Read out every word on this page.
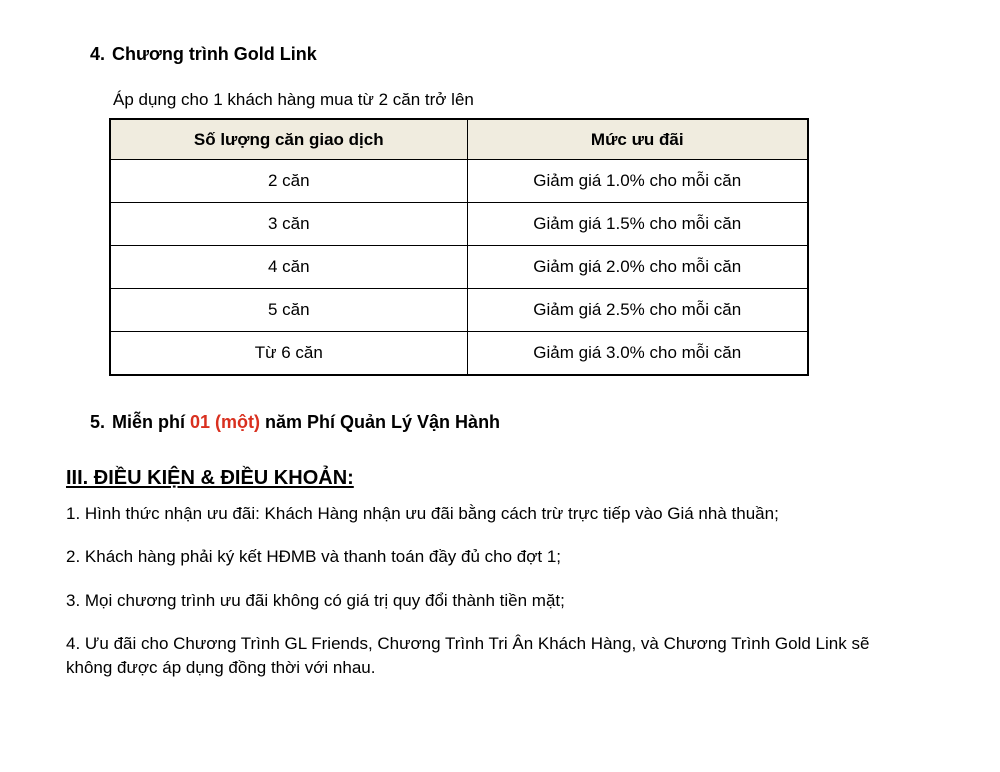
4. Chương trình Gold Link
Áp dụng cho 1 khách hàng mua từ 2 căn trở lên
Số lượng căn giao dịch	Mức ưu đãi
2 căn	Giảm giá 1.0% cho mỗi căn
3 căn	Giảm giá 1.5% cho mỗi căn
4 căn	Giảm giá 2.0% cho mỗi căn
5 căn	Giảm giá 2.5% cho mỗi căn
Từ 6 căn	Giảm giá 3.0% cho mỗi căn
5. Miễn phí 01 (một) năm Phí Quản Lý Vận Hành
III. ĐIỀU KIỆN & ĐIỀU KHOẢN:
1. Hình thức nhận ưu đãi: Khách Hàng nhận ưu đãi bằng cách trừ trực tiếp vào Giá nhà thuần;
2. Khách hàng phải ký kết HĐMB và thanh toán đầy đủ cho đợt 1;
3. Mọi chương trình ưu đãi không có giá trị quy đổi thành tiền mặt;
4. Ưu đãi cho Chương Trình GL Friends, Chương Trình Tri Ân Khách Hàng, và Chương Trình Gold Link sẽ
không được áp dụng đồng thời với nhau.
